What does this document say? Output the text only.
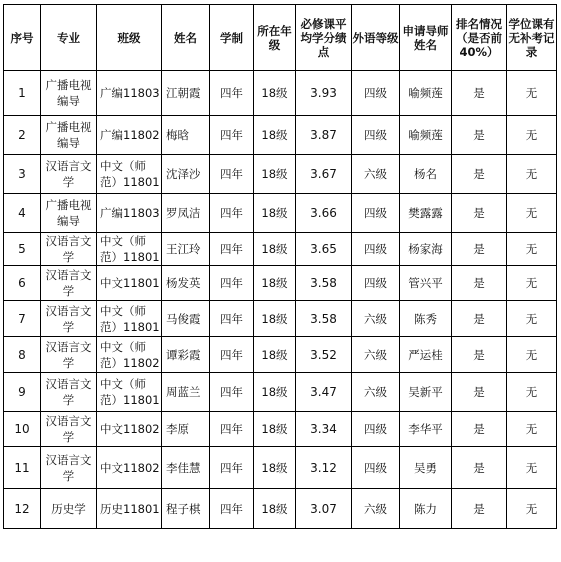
序号	专业	班级	姓名	学制	所在年级	必修课平均学分绩点	外语等级	申请导师姓名	排名情况（是否前40%）	学位课有无补考记录
1	广播电视编导	广编11803	江朝霞	四年	18级	3.93	四级	喻频莲	是	无
2	广播电视编导	广编11802	梅晗	四年	18级	3.87	四级	喻频莲	是	无
3	汉语言文学	中文（师范）11801	沈泽沙	四年	18级	3.67	六级	杨名	是	无
4	广播电视编导	广编11803	罗凤洁	四年	18级	3.66	四级	樊露露	是	无
5	汉语言文学	中文（师范）11801	王江玲	四年	18级	3.65	四级	杨家海	是	无
6	汉语言文学	中文11801	杨发英	四年	18级	3.58	四级	管兴平	是	无
7	汉语言文学	中文（师范）11801	马俊霞	四年	18级	3.58	六级	陈秀	是	无
8	汉语言文学	中文（师范）11802	谭彩霞	四年	18级	3.52	六级	严运桂	是	无
9	汉语言文学	中文（师范）11801	周蓝兰	四年	18级	3.47	六级	吴新平	是	无
10	汉语言文学	中文11802	李原	四年	18级	3.34	四级	李华平	是	无
11	汉语言文学	中文11802	李佳慧	四年	18级	3.12	四级	吴勇	是	无
12	历史学	历史11801	程子棋	四年	18级	3.07	六级	陈力	是	无
